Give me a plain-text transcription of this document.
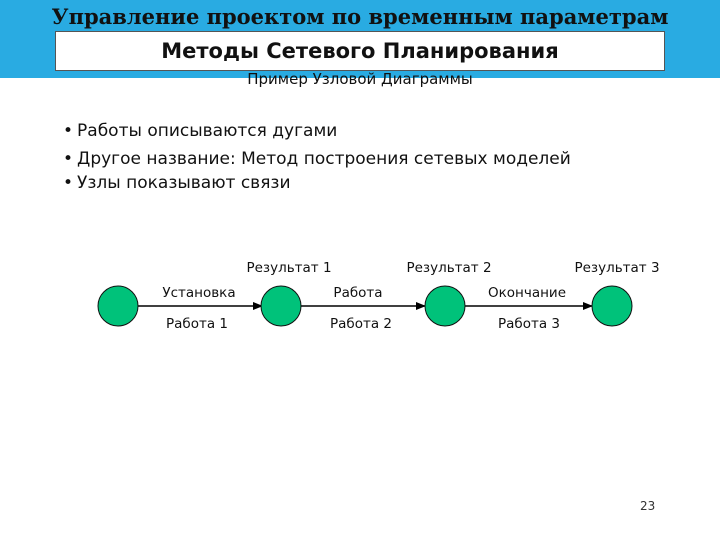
Управление проектом по временным параметрам
Методы Сетевого Планирования
Пример Узловой Диаграммы
• Работы описываются дугами
• Другое название: Метод построения сетевых моделей
• Узлы показывают связи
Результат 1	Результат 2	Результат 3
Установка	Работа	Окончание
Работа 1	Работа 2	Работа 3
23
